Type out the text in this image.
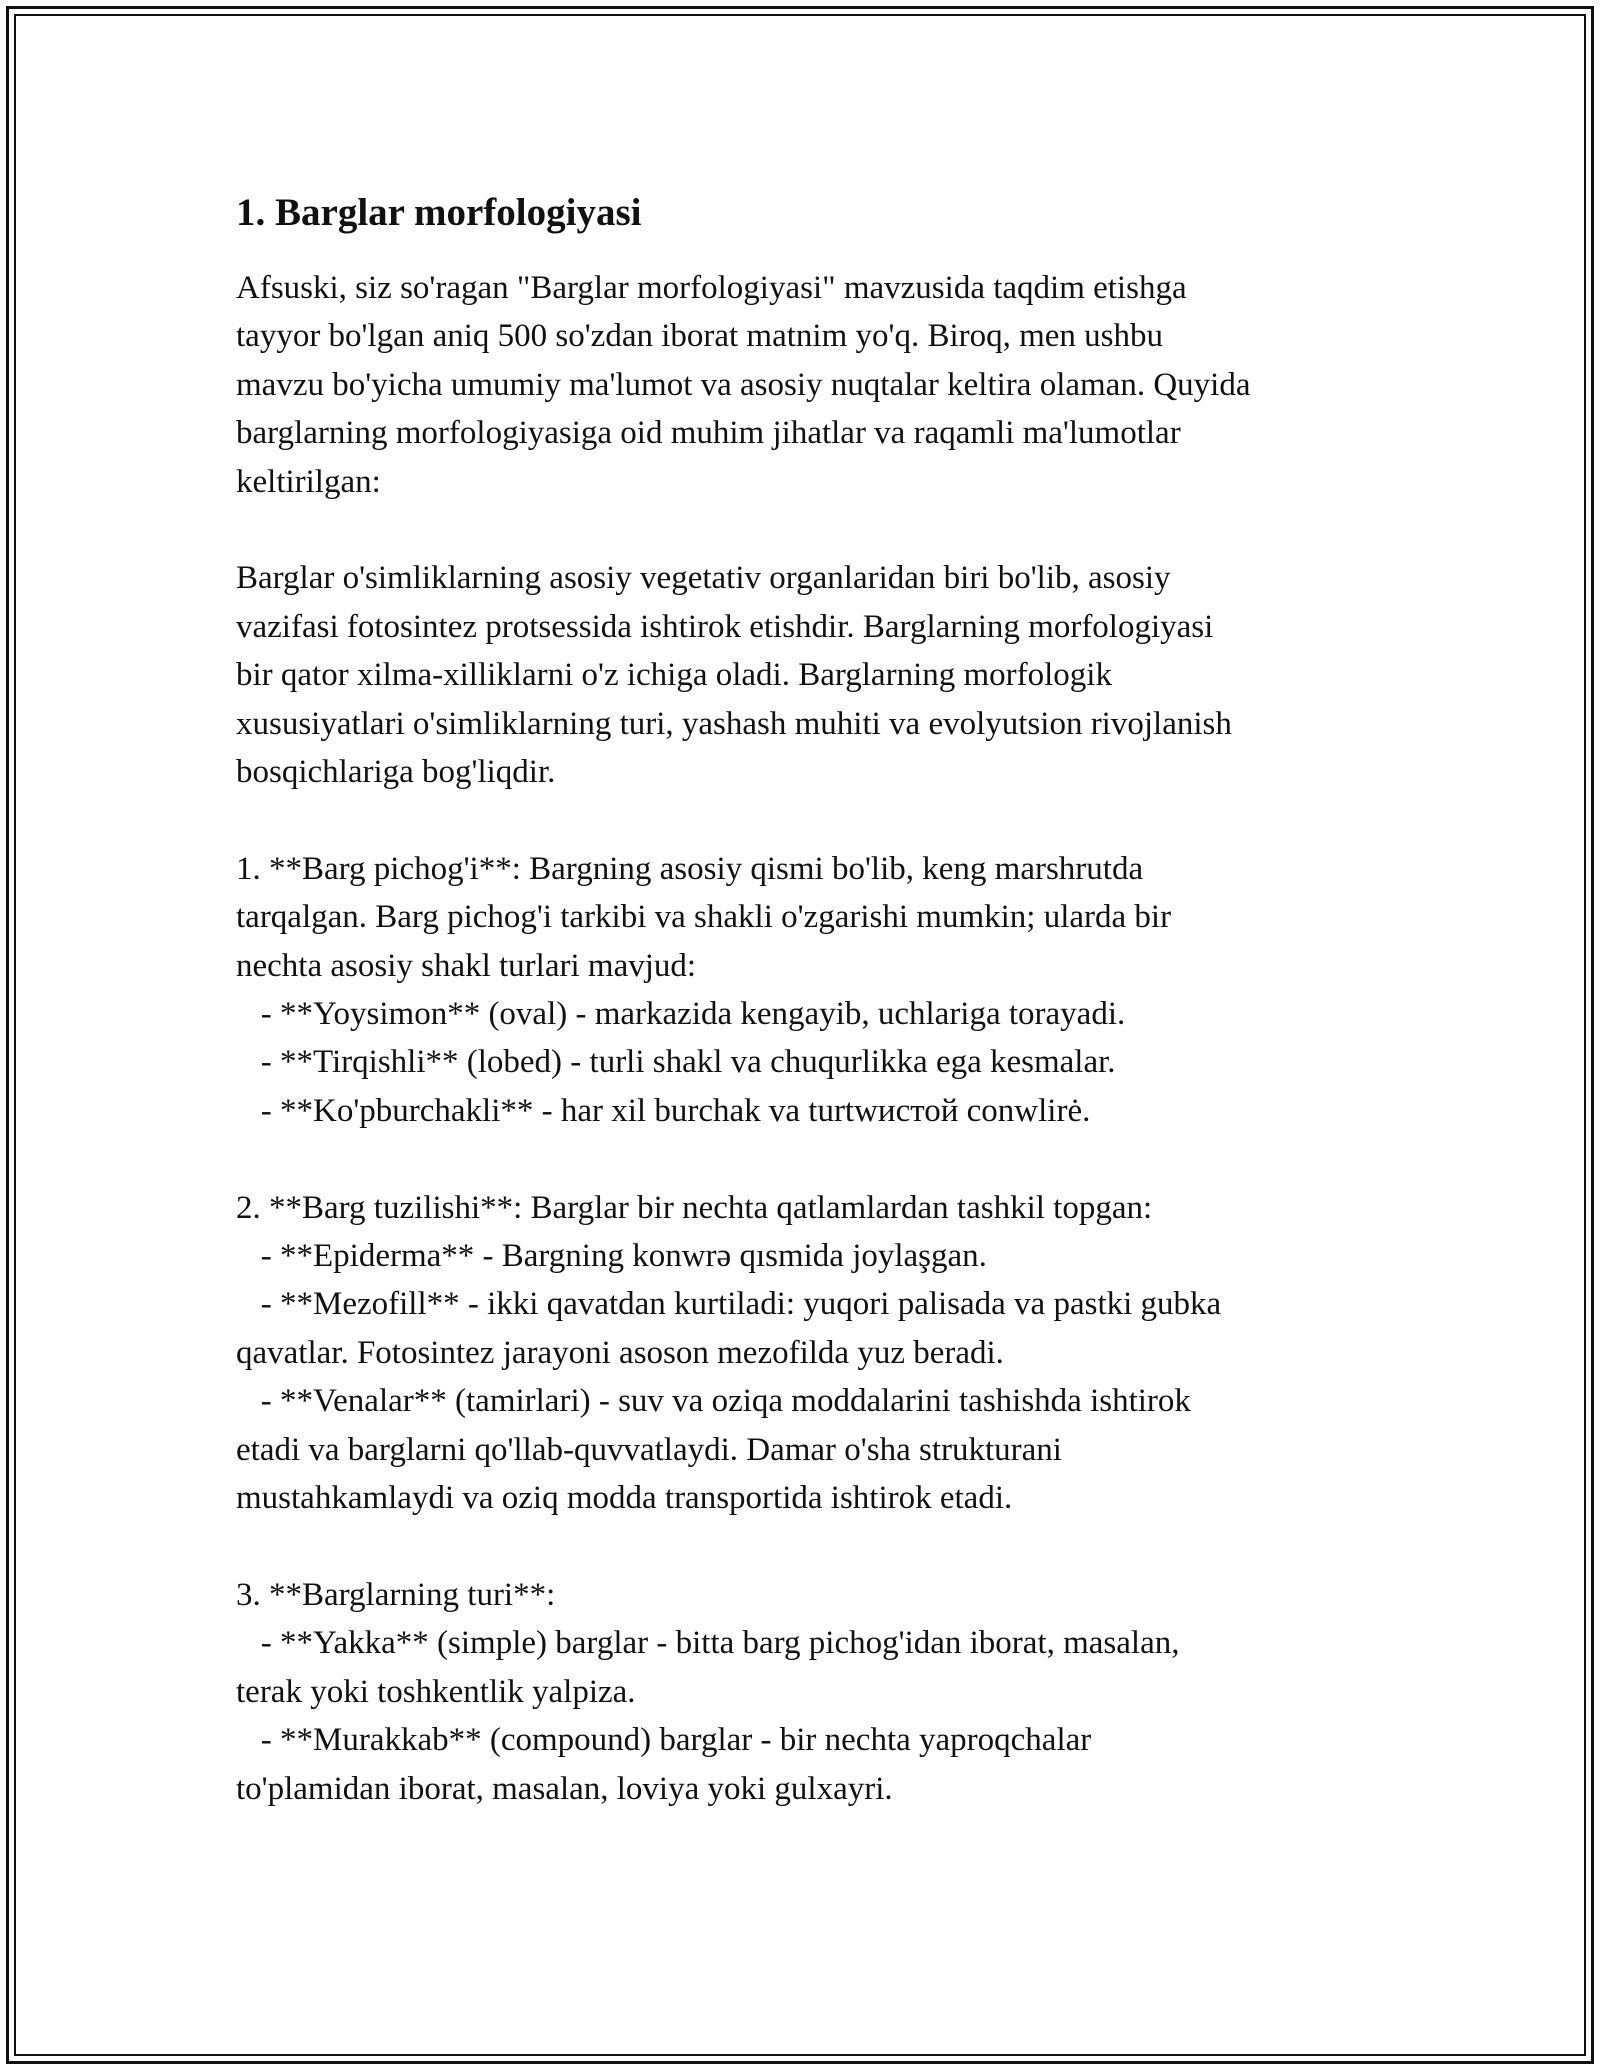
1. Barglar morfologiyasi

Afsuski, siz so'ragan "Barglar morfologiyasi" mavzusida taqdim etishga
tayyor bo'lgan aniq 500 so'zdan iborat matnim yo'q. Biroq, men ushbu
mavzu bo'yicha umumiy ma'lumot va asosiy nuqtalar keltira olaman. Quyida
barglarning morfologiyasiga oid muhim jihatlar va raqamli ma'lumotlar
keltirilgan:

Barglar o'simliklarning asosiy vegetativ organlaridan biri bo'lib, asosiy
vazifasi fotosintez protsessida ishtirok etishdir. Barglarning morfologiyasi
bir qator xilma-xilliklarni o'z ichiga oladi. Barglarning morfologik
xususiyatlari o'simliklarning turi, yashash muhiti va evolyutsion rivojlanish
bosqichlariga bog'liqdir.

1. **Barg pichog'i**: Bargning asosiy qismi bo'lib, keng marshrutda
tarqalgan. Barg pichog'i tarkibi va shakli o'zgarishi mumkin; ularda bir
nechta asosiy shakl turlari mavjud:
- **Yoysimon** (oval) - markazida kengayib, uchlariga torayadi.
- **Tirqishli** (lobed) - turli shakl va chuqurlikka ega kesmalar.
- **Ko'pburchakli** - har xil burchak va turtwистой conwlirė.

2. **Barg tuzilishi**: Barglar bir nechta qatlamlardan tashkil topgan:
- **Epiderma** - Bargning konwrə qısmida joylaşgan.
- **Mezofill** - ikki qavatdan kurtiladi: yuqori palisada va pastki gubka
qavatlar. Fotosintez jarayoni asoson mezofilda yuz beradi.
- **Venalar** (tamirlari) - suv va oziqa moddalarini tashishda ishtirok
etadi va barglarni qo'llab-quvvatlaydi. Damar o'sha strukturani
mustahkamlaydi va oziq modda transportida ishtirok etadi.

3. **Barglarning turi**:
- **Yakka** (simple) barglar - bitta barg pichog'idan iborat, masalan,
terak yoki toshkentlik yalpiza.
- **Murakkab** (compound) barglar - bir nechta yaproqchalar
to'plamidan iborat, masalan, loviya yoki gulxayri.
